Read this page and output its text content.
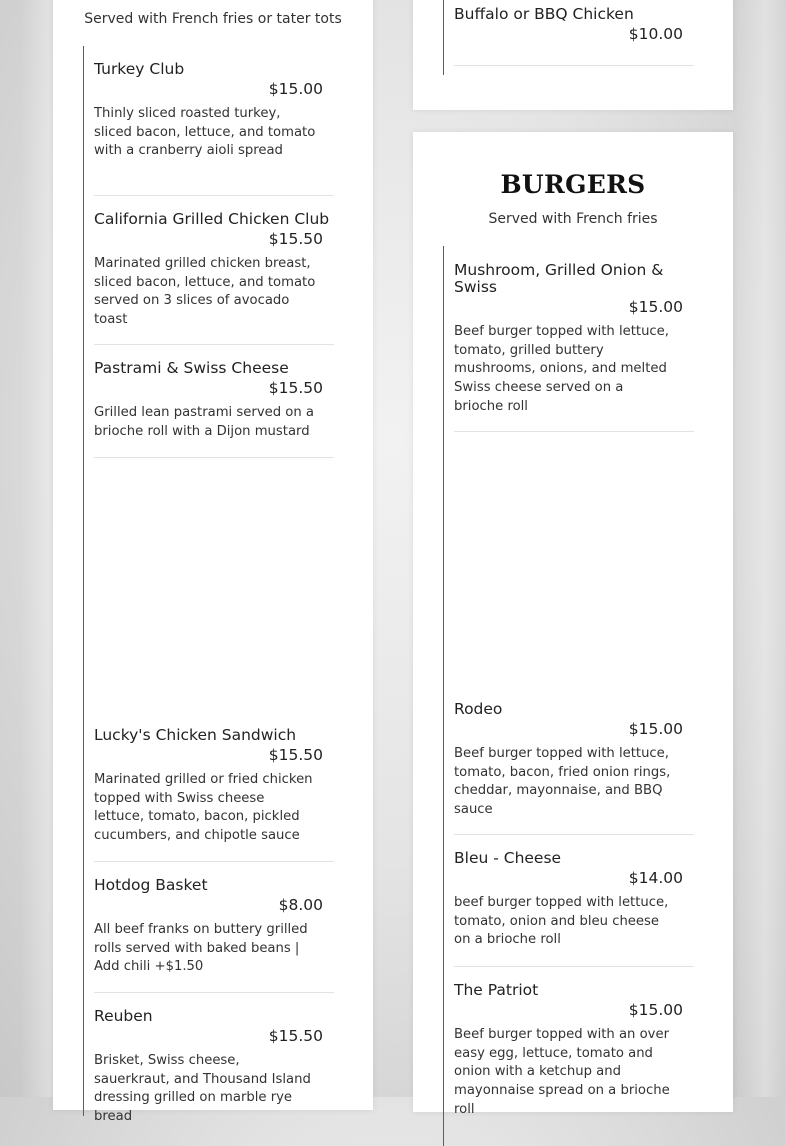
Served with French fries or tater tots
Turkey Club
$15.00
Thinly sliced roasted turkey, sliced bacon, lettuce, and tomato with a cranberry aioli spread
California Grilled Chicken Club
$15.50
Marinated grilled chicken breast, sliced bacon, lettuce, and tomato served on 3 slices of avocado toast
Pastrami & Swiss Cheese
$15.50
Grilled lean pastrami served on a brioche roll with a Dijon mustard
Lucky's Chicken Sandwich
$15.50
Marinated grilled or fried chicken topped with Swiss cheese lettuce, tomato, bacon, pickled cucumbers, and chipotle sauce
Hotdog Basket
$8.00
All beef franks on buttery grilled rolls served with baked beans | Add chili +$1.50
Reuben
$15.50
Brisket, Swiss cheese, sauerkraut, and Thousand Island dressing grilled on marble rye bread
Buffalo or BBQ Chicken
$10.00
BURGERS
Served with French fries
Mushroom, Grilled Onion & Swiss
$15.00
Beef burger topped with lettuce, tomato, grilled buttery mushrooms, onions, and melted Swiss cheese served on a brioche roll
Rodeo
$15.00
Beef burger topped with lettuce, tomato, bacon, fried onion rings, cheddar, mayonnaise, and BBQ sauce
Bleu - Cheese
$14.00
beef burger topped with lettuce, tomato, onion and bleu cheese on a brioche roll
The Patriot
$15.00
Beef burger topped with an over easy egg, lettuce, tomato and onion with a ketchup and mayonnaise spread on a brioche roll
